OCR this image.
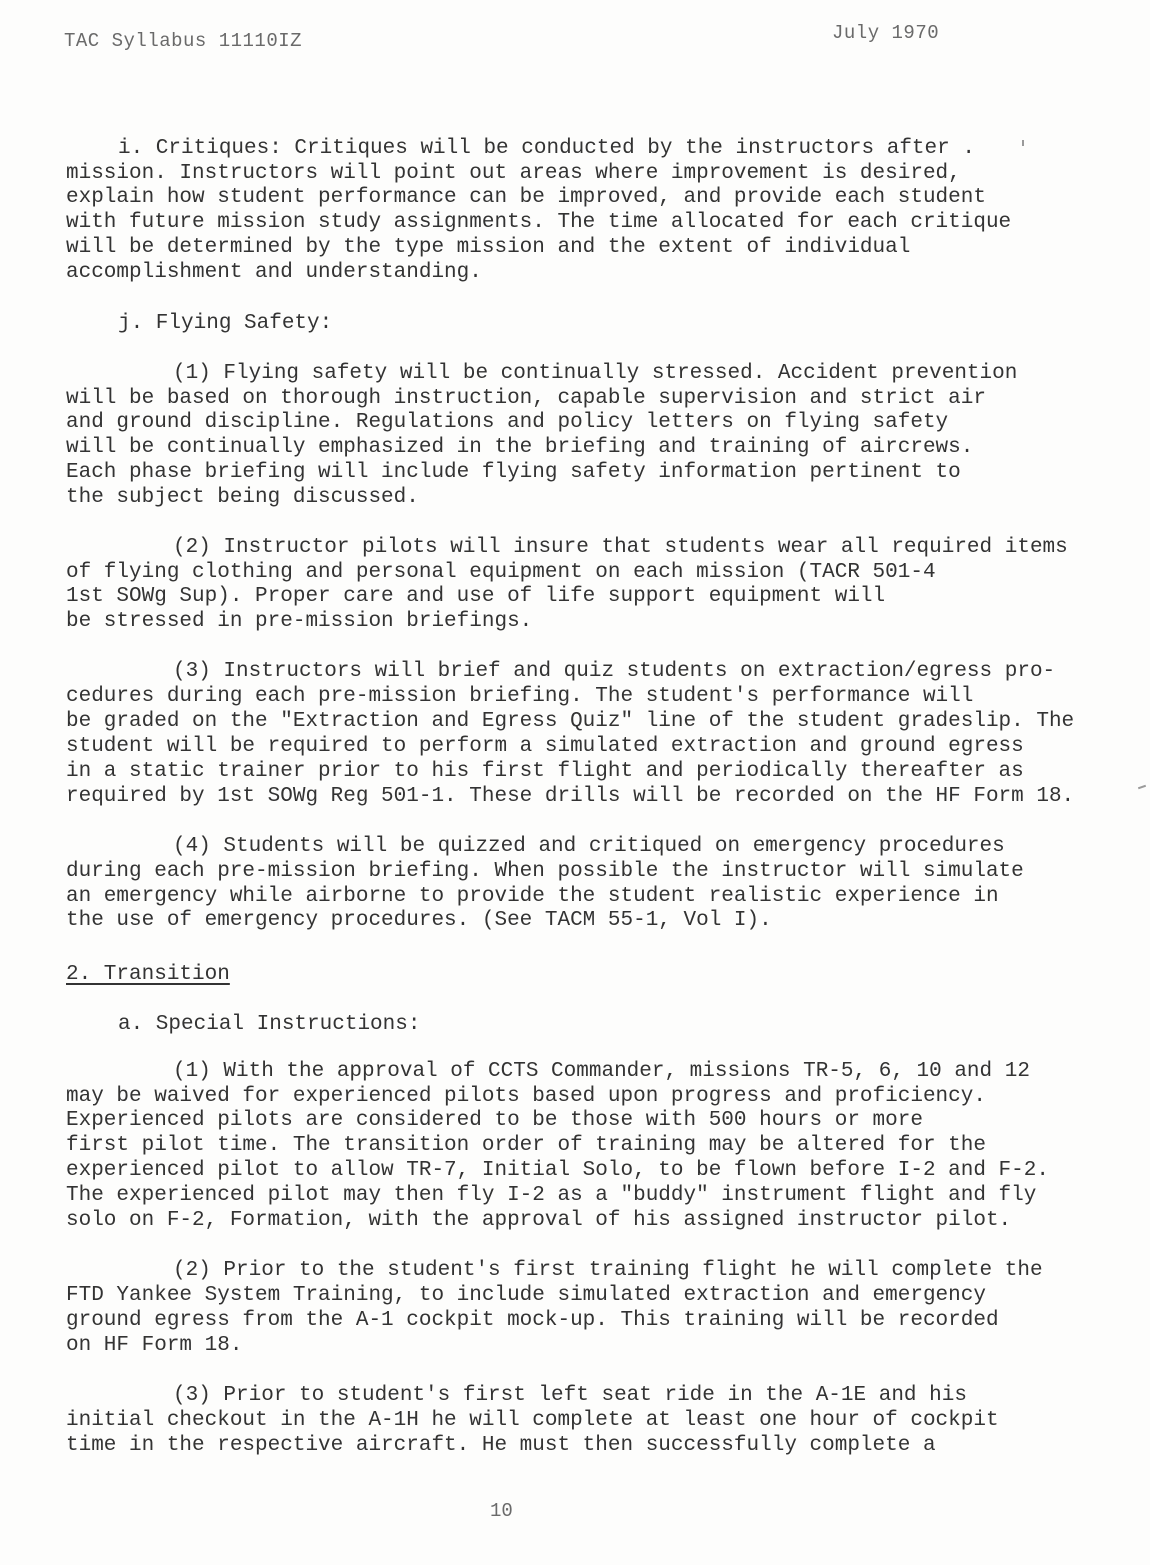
TAC Syllabus 11110IZ	July 1970
i. Critiques: Critiques will be conducted by the instructors after .
mission. Instructors will point out areas where improvement is desired,
explain how student performance can be improved, and provide each student
with future mission study assignments. The time allocated for each critique
will be determined by the type mission and the extent of individual
accomplishment and understanding.
j. Flying Safety:
(1) Flying safety will be continually stressed. Accident prevention
will be based on thorough instruction, capable supervision and strict air
and ground discipline. Regulations and policy letters on flying safety
will be continually emphasized in the briefing and training of aircrews.
Each phase briefing will include flying safety information pertinent to
the subject being discussed.
(2) Instructor pilots will insure that students wear all required items
of flying clothing and personal equipment on each mission (TACR 501-4
1st SOWg Sup). Proper care and use of life support equipment will
be stressed in pre-mission briefings.
(3) Instructors will brief and quiz students on extraction/egress pro-
cedures during each pre-mission briefing. The student's performance will
be graded on the "Extraction and Egress Quiz" line of the student gradeslip. The
student will be required to perform a simulated extraction and ground egress
in a static trainer prior to his first flight and periodically thereafter as
required by 1st SOWg Reg 501-1. These drills will be recorded on the HF Form 18.
(4) Students will be quizzed and critiqued on emergency procedures
during each pre-mission briefing. When possible the instructor will simulate
an emergency while airborne to provide the student realistic experience in
the use of emergency procedures. (See TACM 55-1, Vol I).
2. Transition
a. Special Instructions:
(1) With the approval of CCTS Commander, missions TR-5, 6, 10 and 12
may be waived for experienced pilots based upon progress and proficiency.
Experienced pilots are considered to be those with 500 hours or more
first pilot time. The transition order of training may be altered for the
experienced pilot to allow TR-7, Initial Solo, to be flown before I-2 and F-2.
The experienced pilot may then fly I-2 as a "buddy" instrument flight and fly
solo on F-2, Formation, with the approval of his assigned instructor pilot.
(2) Prior to the student's first training flight he will complete the
FTD Yankee System Training, to include simulated extraction and emergency
ground egress from the A-1 cockpit mock-up. This training will be recorded
on HF Form 18.
(3) Prior to student's first left seat ride in the A-1E and his
initial checkout in the A-1H he will complete at least one hour of cockpit
time in the respective aircraft. He must then successfully complete a
10
